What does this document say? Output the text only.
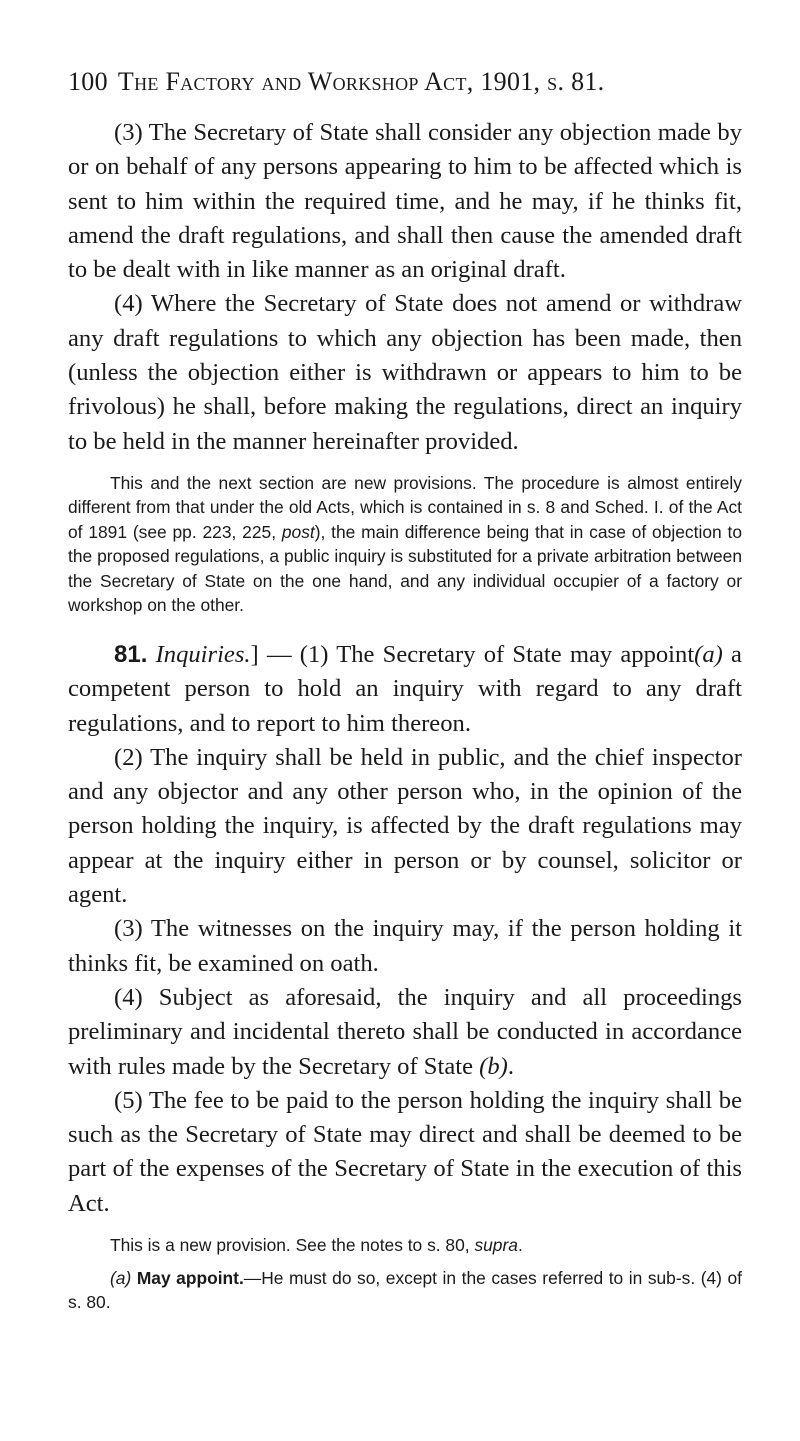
100 The Factory and Workshop Act, 1901, s. 81.

(3) The Secretary of State shall consider any objection made by or on behalf of any persons appearing to him to be affected which is sent to him within the required time, and he may, if he thinks fit, amend the draft regulations, and shall then cause the amended draft to be dealt with in like manner as an original draft.

(4) Where the Secretary of State does not amend or withdraw any draft regulations to which any objection has been made, then (unless the objection either is withdrawn or appears to him to be frivolous) he shall, before making the regulations, direct an inquiry to be held in the manner hereinafter provided.

This and the next section are new provisions. The procedure is almost entirely different from that under the old Acts, which is contained in s. 8 and Sched. I. of the Act of 1891 (see pp. 223, 225, post), the main difference being that in case of objection to the proposed regulations, a public inquiry is substituted for a private arbitration between the Secretary of State on the one hand, and any individual occupier of a factory or workshop on the other.

81. Inquiries.] — (1) The Secretary of State may appoint(a) a competent person to hold an inquiry with regard to any draft regulations, and to report to him thereon.

(2) The inquiry shall be held in public, and the chief inspector and any objector and any other person who, in the opinion of the person holding the inquiry, is affected by the draft regulations may appear at the inquiry either in person or by counsel, solicitor or agent.

(3) The witnesses on the inquiry may, if the person holding it thinks fit, be examined on oath.

(4) Subject as aforesaid, the inquiry and all proceedings preliminary and incidental thereto shall be conducted in accordance with rules made by the Secretary of State (b).

(5) The fee to be paid to the person holding the inquiry shall be such as the Secretary of State may direct and shall be deemed to be part of the expenses of the Secretary of State in the execution of this Act.

This is a new provision. See the notes to s. 80, supra.

(a) May appoint.—He must do so, except in the cases referred to in sub-s. (4) of s. 80.
